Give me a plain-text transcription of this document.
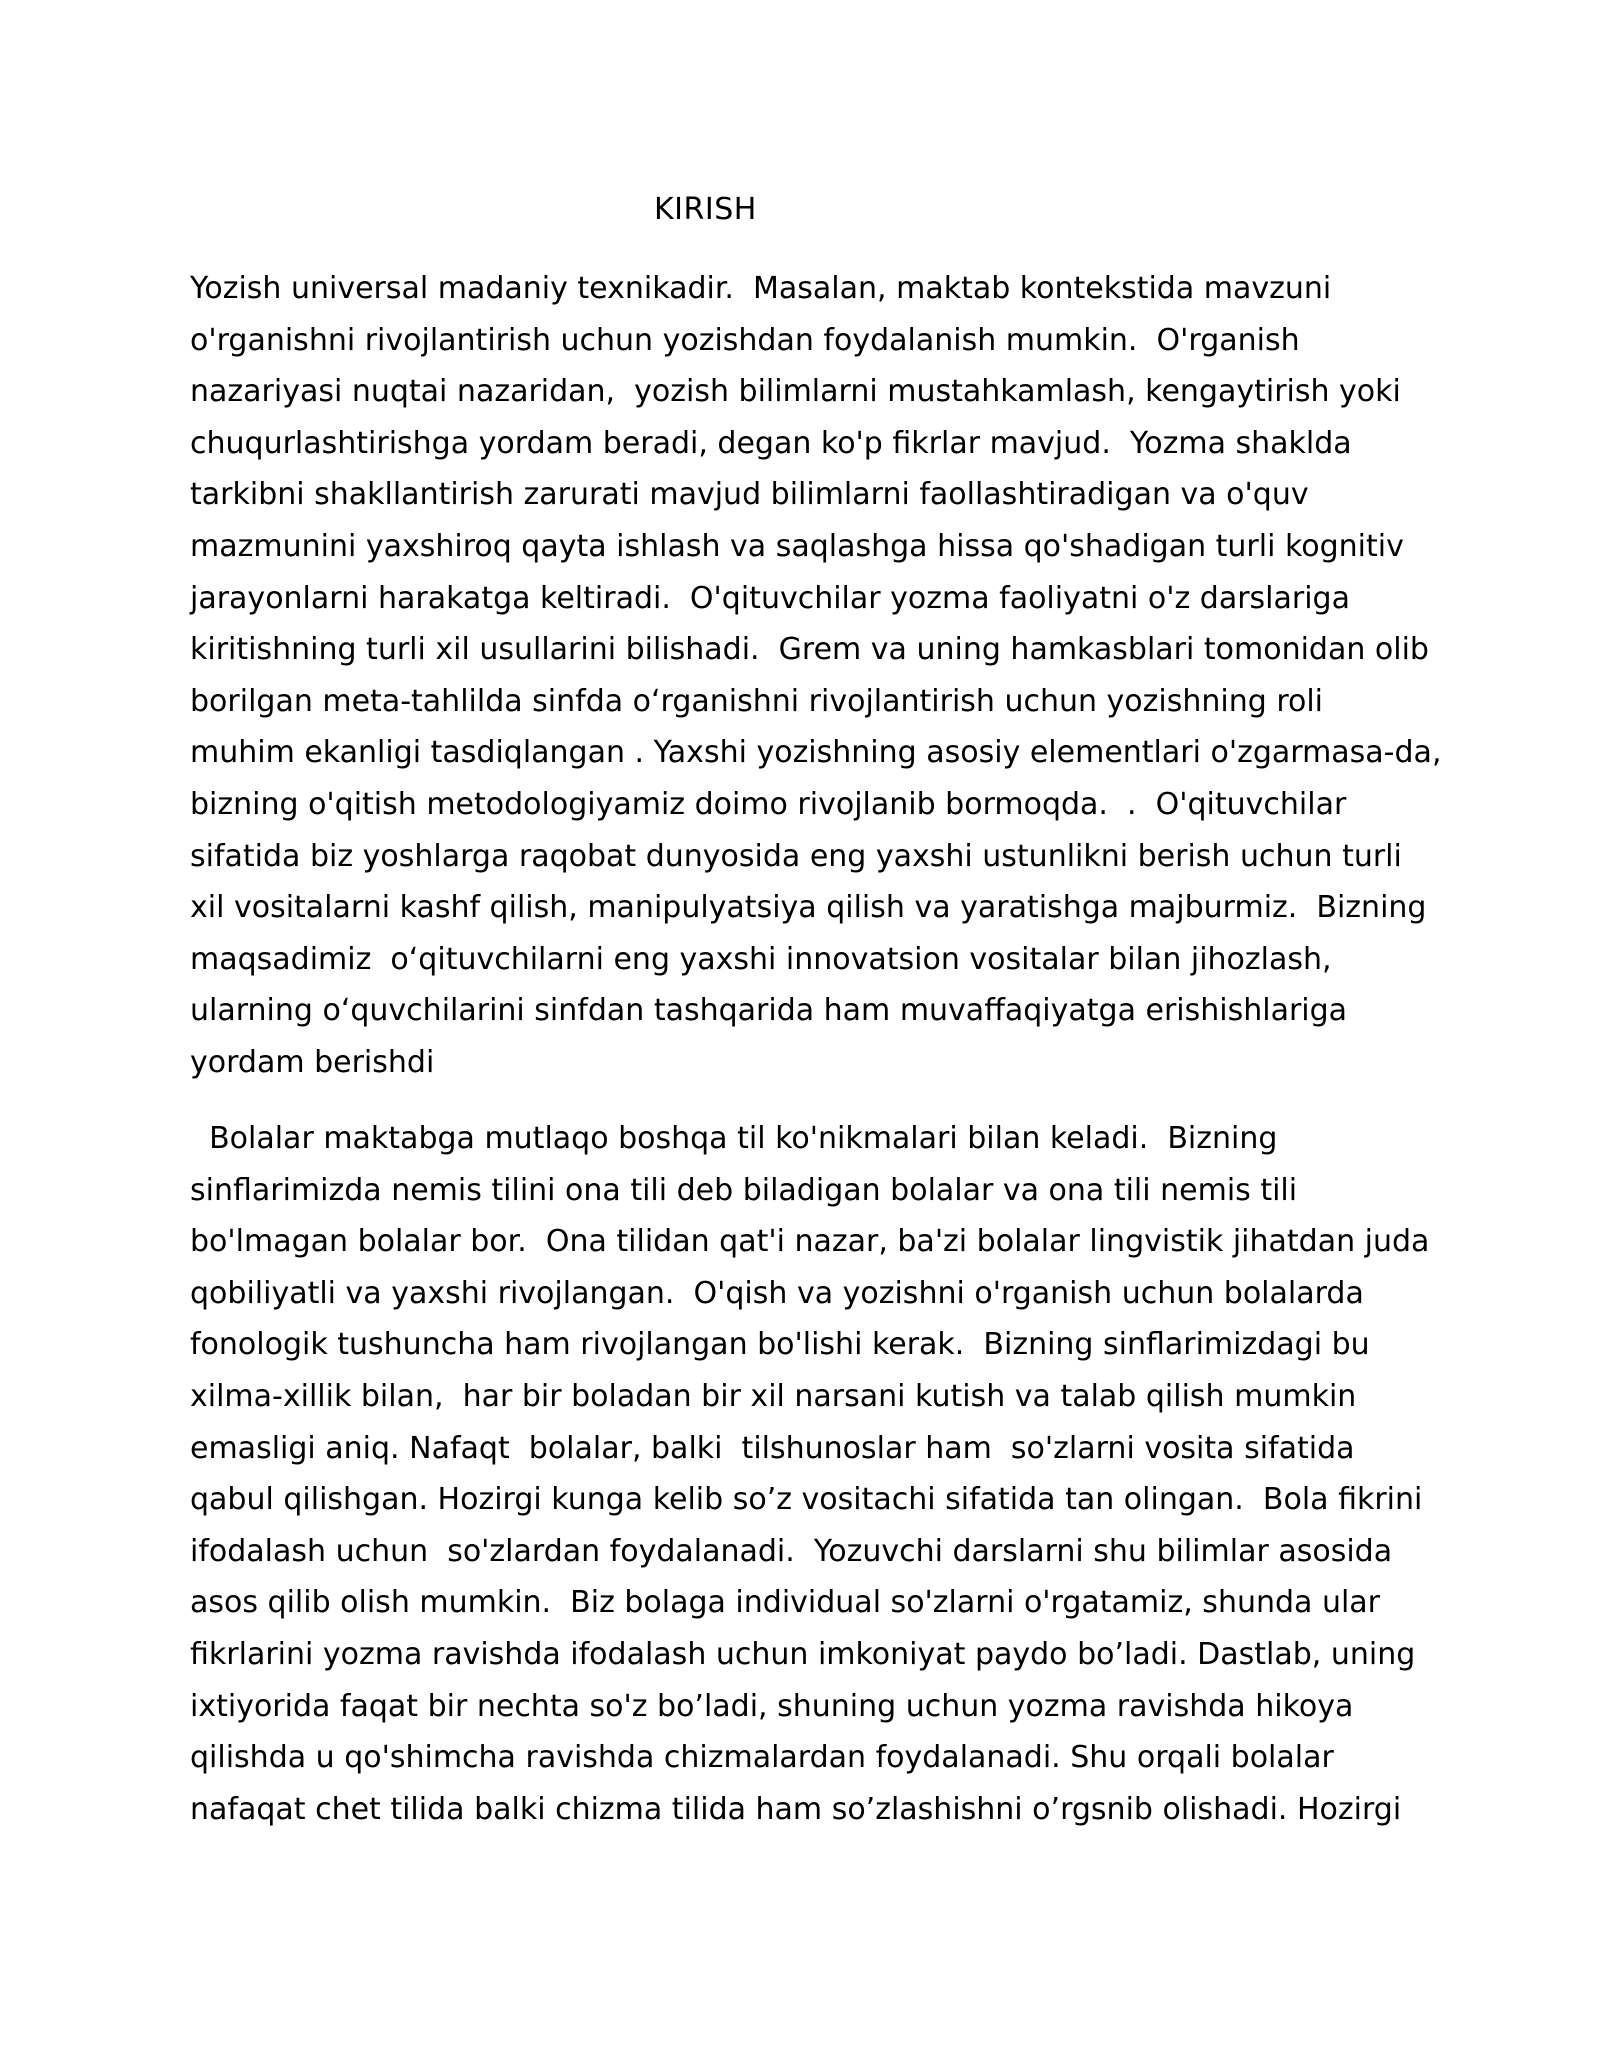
KIRISH
Yozish universal madaniy texnikadir.  Masalan, maktab kontekstida mavzuni
o'rganishni rivojlantirish uchun yozishdan foydalanish mumkin.  O'rganish
nazariyasi nuqtai nazaridan,  yozish bilimlarni mustahkamlash, kengaytirish yoki
chuqurlashtirishga yordam beradi, degan ko'p fikrlar mavjud.  Yozma shaklda
tarkibni shakllantirish zarurati mavjud bilimlarni faollashtiradigan va o'quv
mazmunini yaxshiroq qayta ishlash va saqlashga hissa qo'shadigan turli kognitiv
jarayonlarni harakatga keltiradi.  O'qituvchilar yozma faoliyatni o'z darslariga
kiritishning turli xil usullarini bilishadi.  Grem va uning hamkasblari tomonidan olib
borilgan meta-tahlilda sinfda oʻrganishni rivojlantirish uchun yozishning roli
muhim ekanligi tasdiqlangan . Yaxshi yozishning asosiy elementlari o'zgarmasa-da,
bizning o'qitish metodologiyamiz doimo rivojlanib bormoqda.  .  O'qituvchilar
sifatida biz yoshlarga raqobat dunyosida eng yaxshi ustunlikni berish uchun turli
xil vositalarni kashf qilish, manipulyatsiya qilish va yaratishga majburmiz.  Bizning
maqsadimiz  oʻqituvchilarni eng yaxshi innovatsion vositalar bilan jihozlash,
ularning oʻquvchilarini sinfdan tashqarida ham muvaffaqiyatga erishishlariga
yordam berishdi
Bolalar maktabga mutlaqo boshqa til ko'nikmalari bilan keladi.  Bizning
sinflarimizda nemis tilini ona tili deb biladigan bolalar va ona tili nemis tili
bo'lmagan bolalar bor.  Ona tilidan qat'i nazar, ba'zi bolalar lingvistik jihatdan juda
qobiliyatli va yaxshi rivojlangan.  O'qish va yozishni o'rganish uchun bolalarda
fonologik tushuncha ham rivojlangan bo'lishi kerak.  Bizning sinflarimizdagi bu
xilma-xillik bilan,  har bir boladan bir xil narsani kutish va talab qilish mumkin
emasligi aniq. Nafaqt  bolalar, balki  tilshunoslar ham  so'zlarni vosita sifatida
qabul qilishgan. Hozirgi kunga kelib so’z vositachi sifatida tan olingan.  Bola fikrini
ifodalash uchun  so'zlardan foydalanadi.  Yozuvchi darslarni shu bilimlar asosida
asos qilib olish mumkin.  Biz bolaga individual so'zlarni o'rgatamiz, shunda ular
fikrlarini yozma ravishda ifodalash uchun imkoniyat paydo bo’ladi. Dastlab, uning
ixtiyorida faqat bir nechta so'z bo’ladi, shuning uchun yozma ravishda hikoya
qilishda u qo'shimcha ravishda chizmalardan foydalanadi. Shu orqali bolalar
nafaqat chet tilida balki chizma tilida ham so’zlashishni o’rgsnib olishadi. Hozirgi
